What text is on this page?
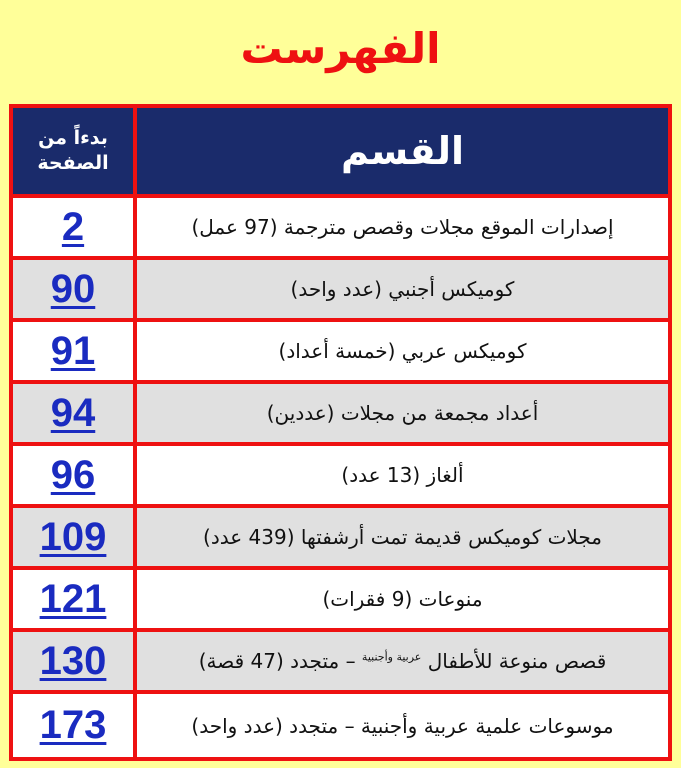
الفهرست
بدءاً من الصفحة	القسم
2	إصدارات الموقع مجلات وقصص مترجمة (97 عمل)
90	كوميكس أجنبي (عدد واحد)
91	كوميكس عربي (خمسة أعداد)
94	أعداد مجمعة من مجلات (عددين)
96	ألغاز (13 عدد)
109	مجلات كوميكس قديمة تمت أرشفتها (439 عدد)
121	منوعات (9 فقرات)
130	قصص منوعة للأطفال $^{عربية وأجنبية}$ – متجدد (47 قصة)
173	موسوعات علمية عربية وأجنبية – متجدد (عدد واحد)
